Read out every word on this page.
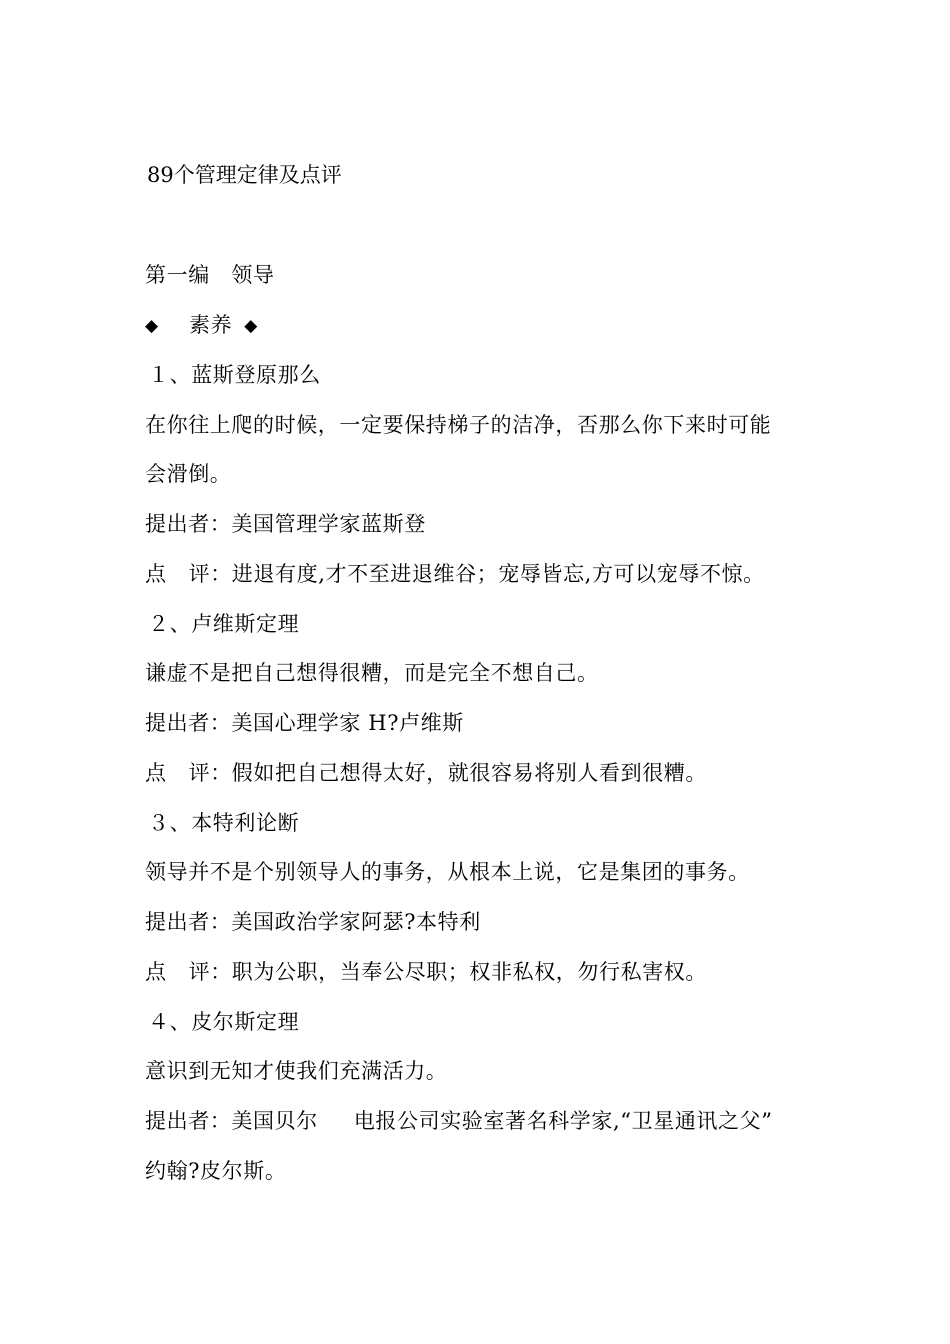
89个管理定律及点评
第一编　领导
◆ 素养 ◆
１、蓝斯登原那么
在你往上爬的时候，一定要保持梯子的洁净，否那么你下来时可能
会滑倒。
提出者：美国管理学家蓝斯登
点 评：进退有度,才不至进退维谷；宠辱皆忘,方可以宠辱不惊。
２、卢维斯定理
谦虚不是把自己想得很糟，而是完全不想自己。
提出者：美国心理学家 H?卢维斯
点 评：假如把自己想得太好，就很容易将别人看到很糟。
３、本特利论断
领导并不是个别领导人的事务，从根本上说，它是集团的事务。
提出者：美国政治学家阿瑟?本特利
点 评：职为公职，当奉公尽职；权非私权，勿行私害权。
４、皮尔斯定理
意识到无知才使我们充满活力。
提出者：美国贝尔 电报公司实验室著名科学家,“卫星通讯之父”
约翰?皮尔斯。
